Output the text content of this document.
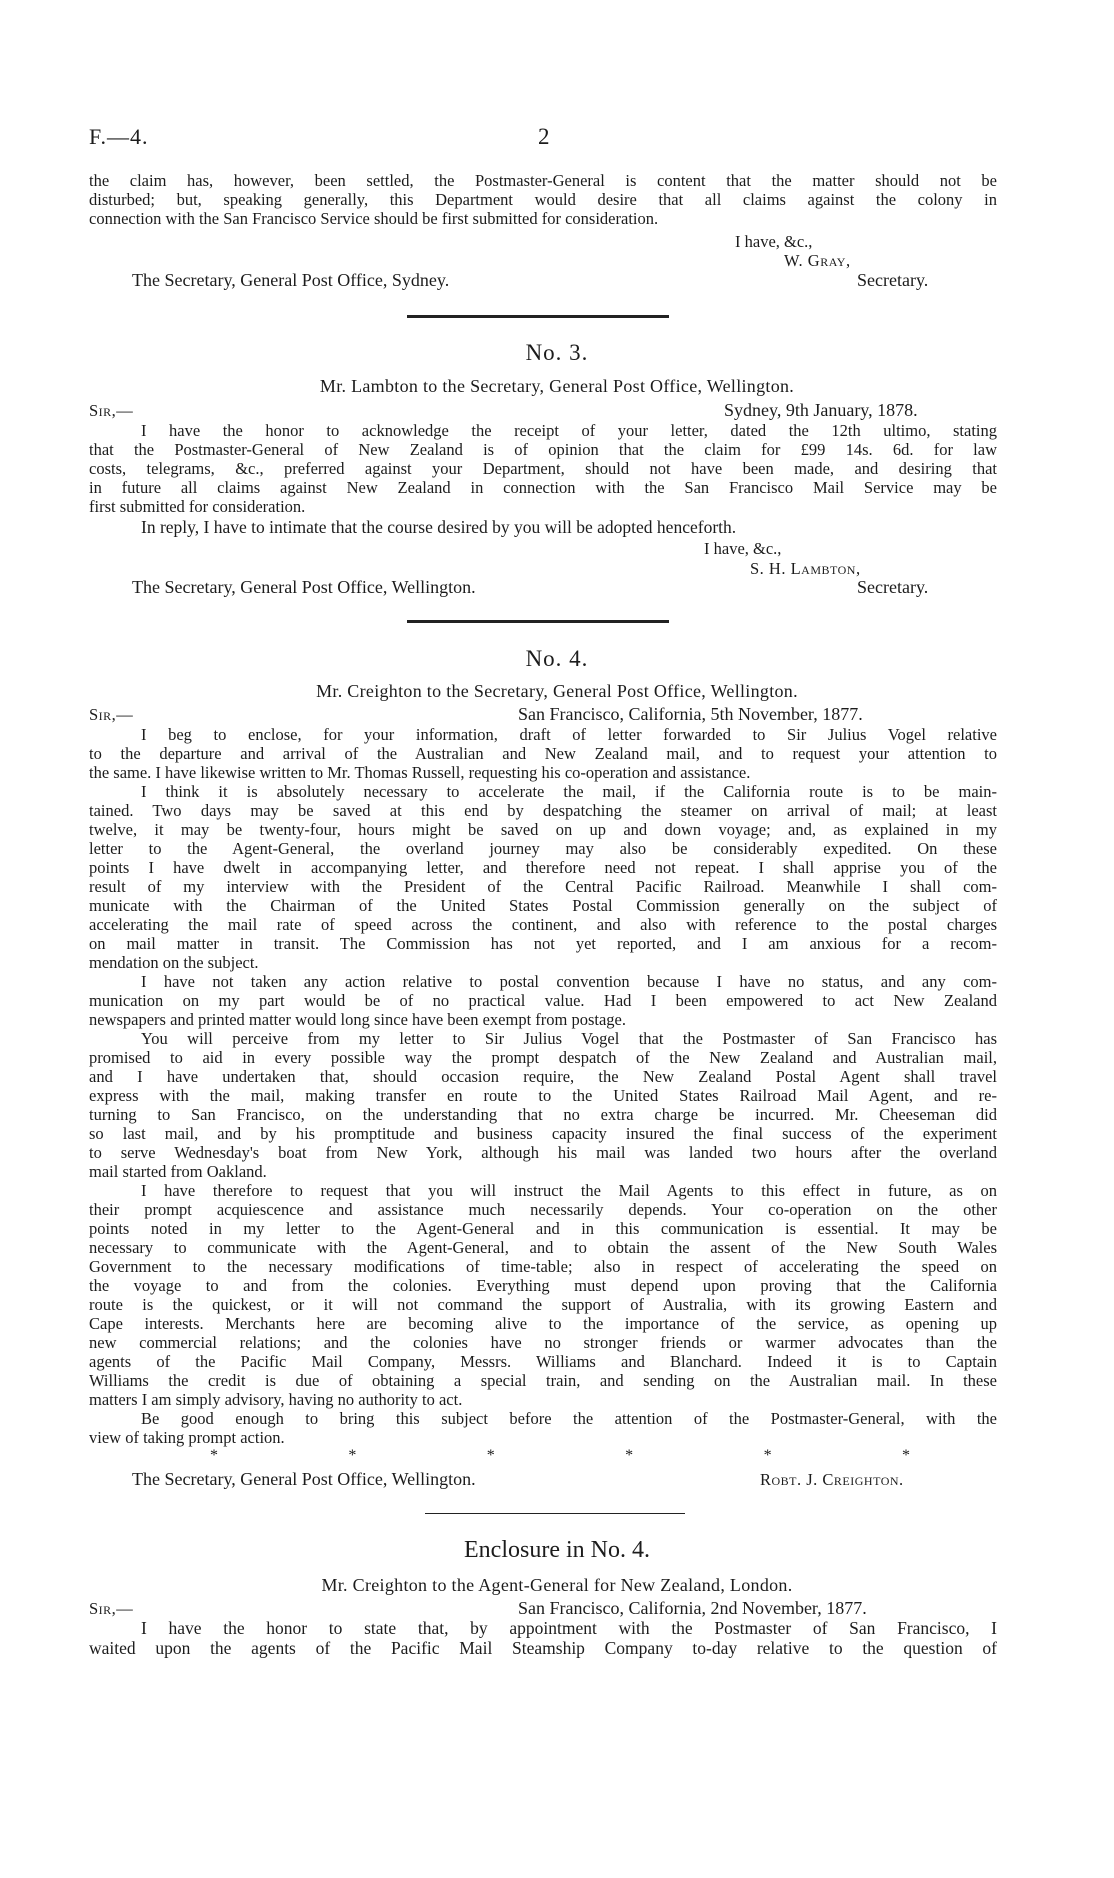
F.—4.	2
the claim has, however, been settled, the Postmaster-General is content that the matter should not be
disturbed; but, speaking generally, this Department would desire that all claims against the colony in
connection with the San Francisco Service should be first submitted for consideration.
I have, &c.,
W. Gray,
The Secretary, General Post Office, Sydney.	Secretary.
No. 3.
Mr. Lambton to the Secretary, General Post Office, Wellington.
Sir,—	Sydney, 9th January, 1878.
I have the honor to acknowledge the receipt of your letter, dated the 12th ultimo, stating
that the Postmaster-General of New Zealand is of opinion that the claim for £99 14s. 6d. for law
costs, telegrams, &c., preferred against your Department, should not have been made, and desiring that
in future all claims against New Zealand in connection with the San Francisco Mail Service may be
first submitted for consideration.
In reply, I have to intimate that the course desired by you will be adopted henceforth.
I have, &c.,
S. H. Lambton,
The Secretary, General Post Office, Wellington.	Secretary.
No. 4.
Mr. Creighton to the Secretary, General Post Office, Wellington.
Sir,—	San Francisco, California, 5th November, 1877.
I beg to enclose, for your information, draft of letter forwarded to Sir Julius Vogel relative
to the departure and arrival of the Australian and New Zealand mail, and to request your attention to
the same. I have likewise written to Mr. Thomas Russell, requesting his co-operation and assistance.
I think it is absolutely necessary to accelerate the mail, if the California route is to be main-
tained. Two days may be saved at this end by despatching the steamer on arrival of mail; at least
twelve, it may be twenty-four, hours might be saved on up and down voyage; and, as explained in my
letter to the Agent-General, the overland journey may also be considerably expedited. On these
points I have dwelt in accompanying letter, and therefore need not repeat. I shall apprise you of the
result of my interview with the President of the Central Pacific Railroad. Meanwhile I shall com-
municate with the Chairman of the United States Postal Commission generally on the subject of
accelerating the mail rate of speed across the continent, and also with reference to the postal charges
on mail matter in transit. The Commission has not yet reported, and I am anxious for a recom-
mendation on the subject.
I have not taken any action relative to postal convention because I have no status, and any com-
munication on my part would be of no practical value. Had I been empowered to act New Zealand
newspapers and printed matter would long since have been exempt from postage.
You will perceive from my letter to Sir Julius Vogel that the Postmaster of San Francisco has
promised to aid in every possible way the prompt despatch of the New Zealand and Australian mail,
and I have undertaken that, should occasion require, the New Zealand Postal Agent shall travel
express with the mail, making transfer en route to the United States Railroad Mail Agent, and re-
turning to San Francisco, on the understanding that no extra charge be incurred. Mr. Cheeseman did
so last mail, and by his promptitude and business capacity insured the final success of the experiment
to serve Wednesday's boat from New York, although his mail was landed two hours after the overland
mail started from Oakland.
I have therefore to request that you will instruct the Mail Agents to this effect in future, as on
their prompt acquiescence and assistance much necessarily depends. Your co-operation on the other
points noted in my letter to the Agent-General and in this communication is essential. It may be
necessary to communicate with the Agent-General, and to obtain the assent of the New South Wales
Government to the necessary modifications of time-table; also in respect of accelerating the speed on
the voyage to and from the colonies. Everything must depend upon proving that the California
route is the quickest, or it will not command the support of Australia, with its growing Eastern and
Cape interests. Merchants here are becoming alive to the importance of the service, as opening up
new commercial relations; and the colonies have no stronger friends or warmer advocates than the
agents of the Pacific Mail Company, Messrs. Williams and Blanchard. Indeed it is to Captain
Williams the credit is due of obtaining a special train, and sending on the Australian mail. In these
matters I am simply advisory, having no authority to act.
Be good enough to bring this subject before the attention of the Postmaster-General, with the
view of taking prompt action.
*	*	*	*	*	*
The Secretary, General Post Office, Wellington.	Robt. J. Creighton.
Enclosure in No. 4.
Mr. Creighton to the Agent-General for New Zealand, London.
Sir,—	San Francisco, California, 2nd November, 1877.
I have the honor to state that, by appointment with the Postmaster of San Francisco, I
waited upon the agents of the Pacific Mail Steamship Company to-day relative to the question of
